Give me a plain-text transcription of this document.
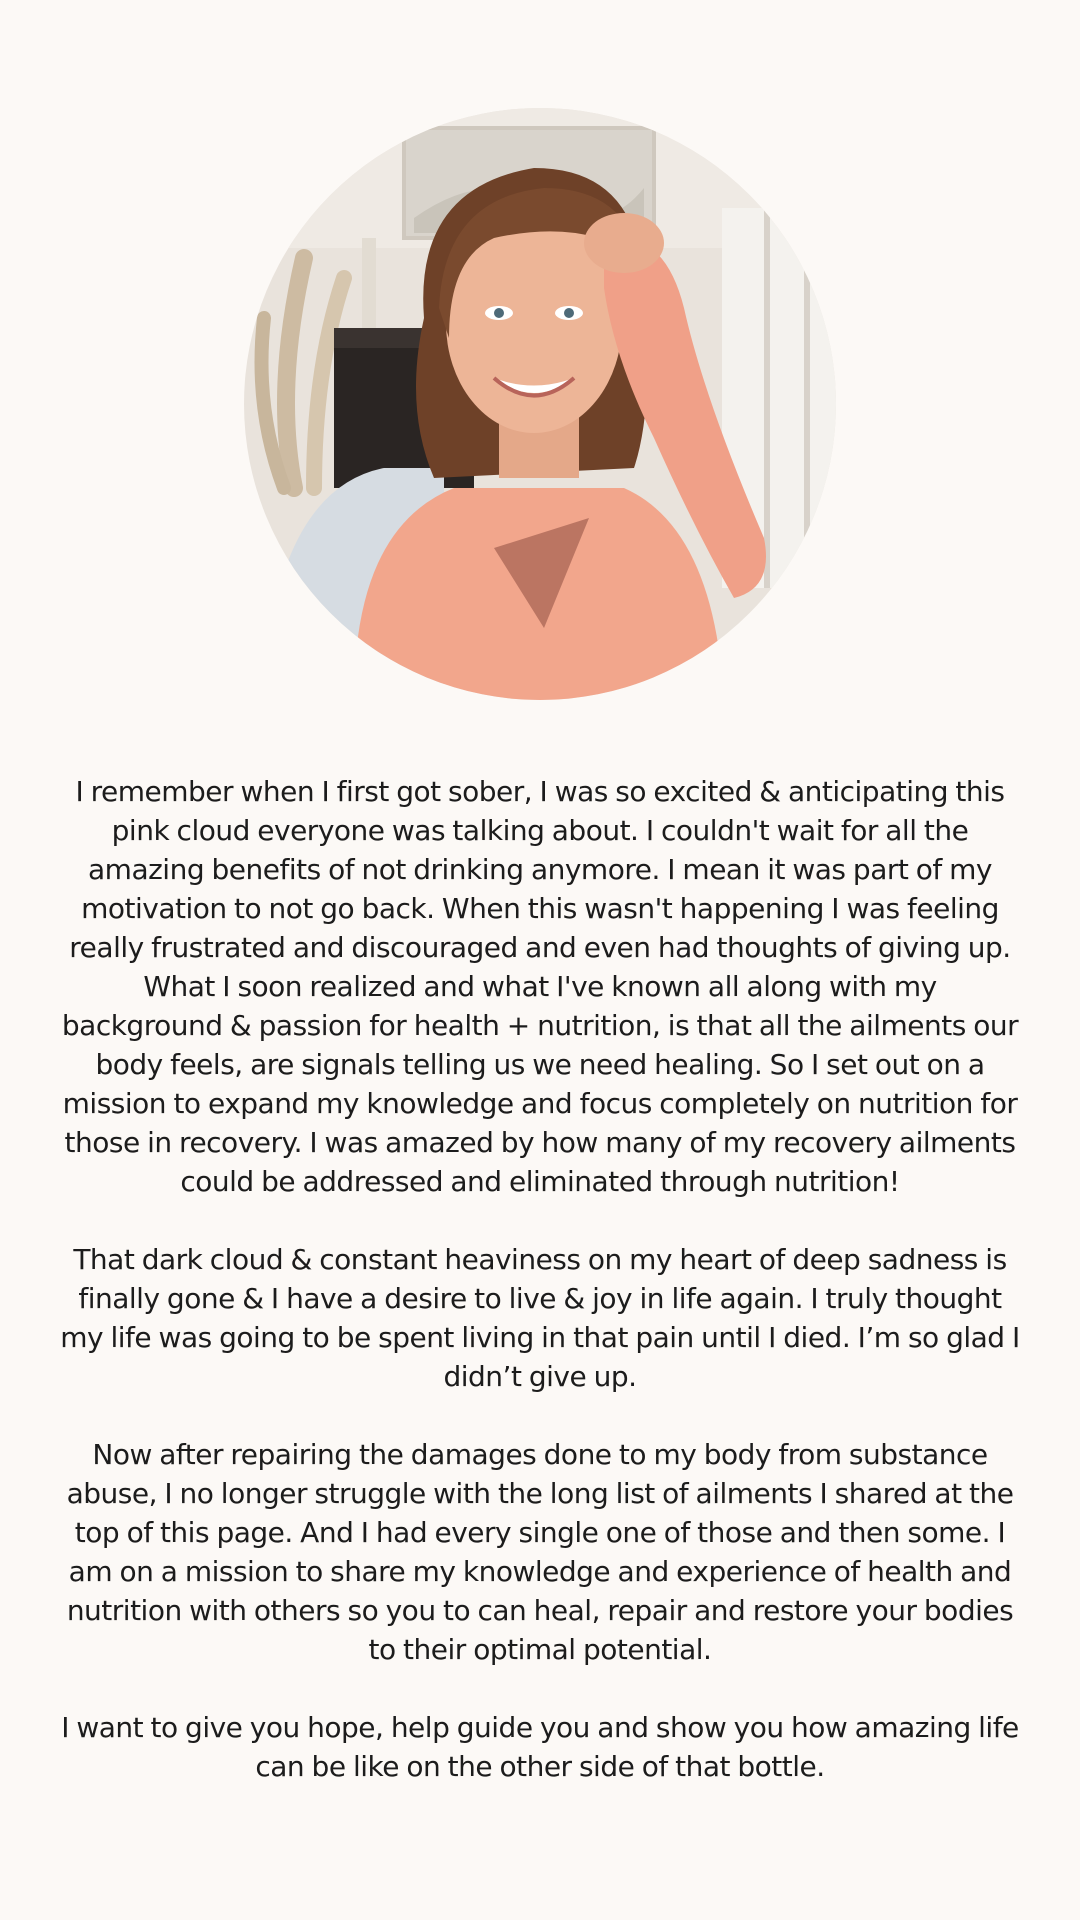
I remember when I first got sober, I was so excited & anticipating this pink cloud everyone was talking about. I couldn't wait for all the amazing benefits of not drinking anymore. I mean it was part of my motivation to not go back. When this wasn't happening I was feeling really frustrated and discouraged and even had thoughts of giving up. What I soon realized and what I've known all along with my background & passion for health + nutrition, is that all the ailments our body feels, are signals telling us we need healing. So I set out on a mission to expand my knowledge and focus completely on nutrition for those in recovery. I was amazed by how many of my recovery ailments could be addressed and eliminated through nutrition!

That dark cloud & constant heaviness on my heart of deep sadness is finally gone & I have a desire to live & joy in life again. I truly thought my life was going to be spent living in that pain until I died. I’m so glad I didn’t give up.

Now after repairing the damages done to my body from substance abuse, I no longer struggle with the long list of ailments I shared at the top of this page. And I had every single one of those and then some. I am on a mission to share my knowledge and experience of health and nutrition with others so you to can heal, repair and restore your bodies to their optimal potential.

I want to give you hope, help guide you and show you how amazing life can be like on the other side of that bottle.
